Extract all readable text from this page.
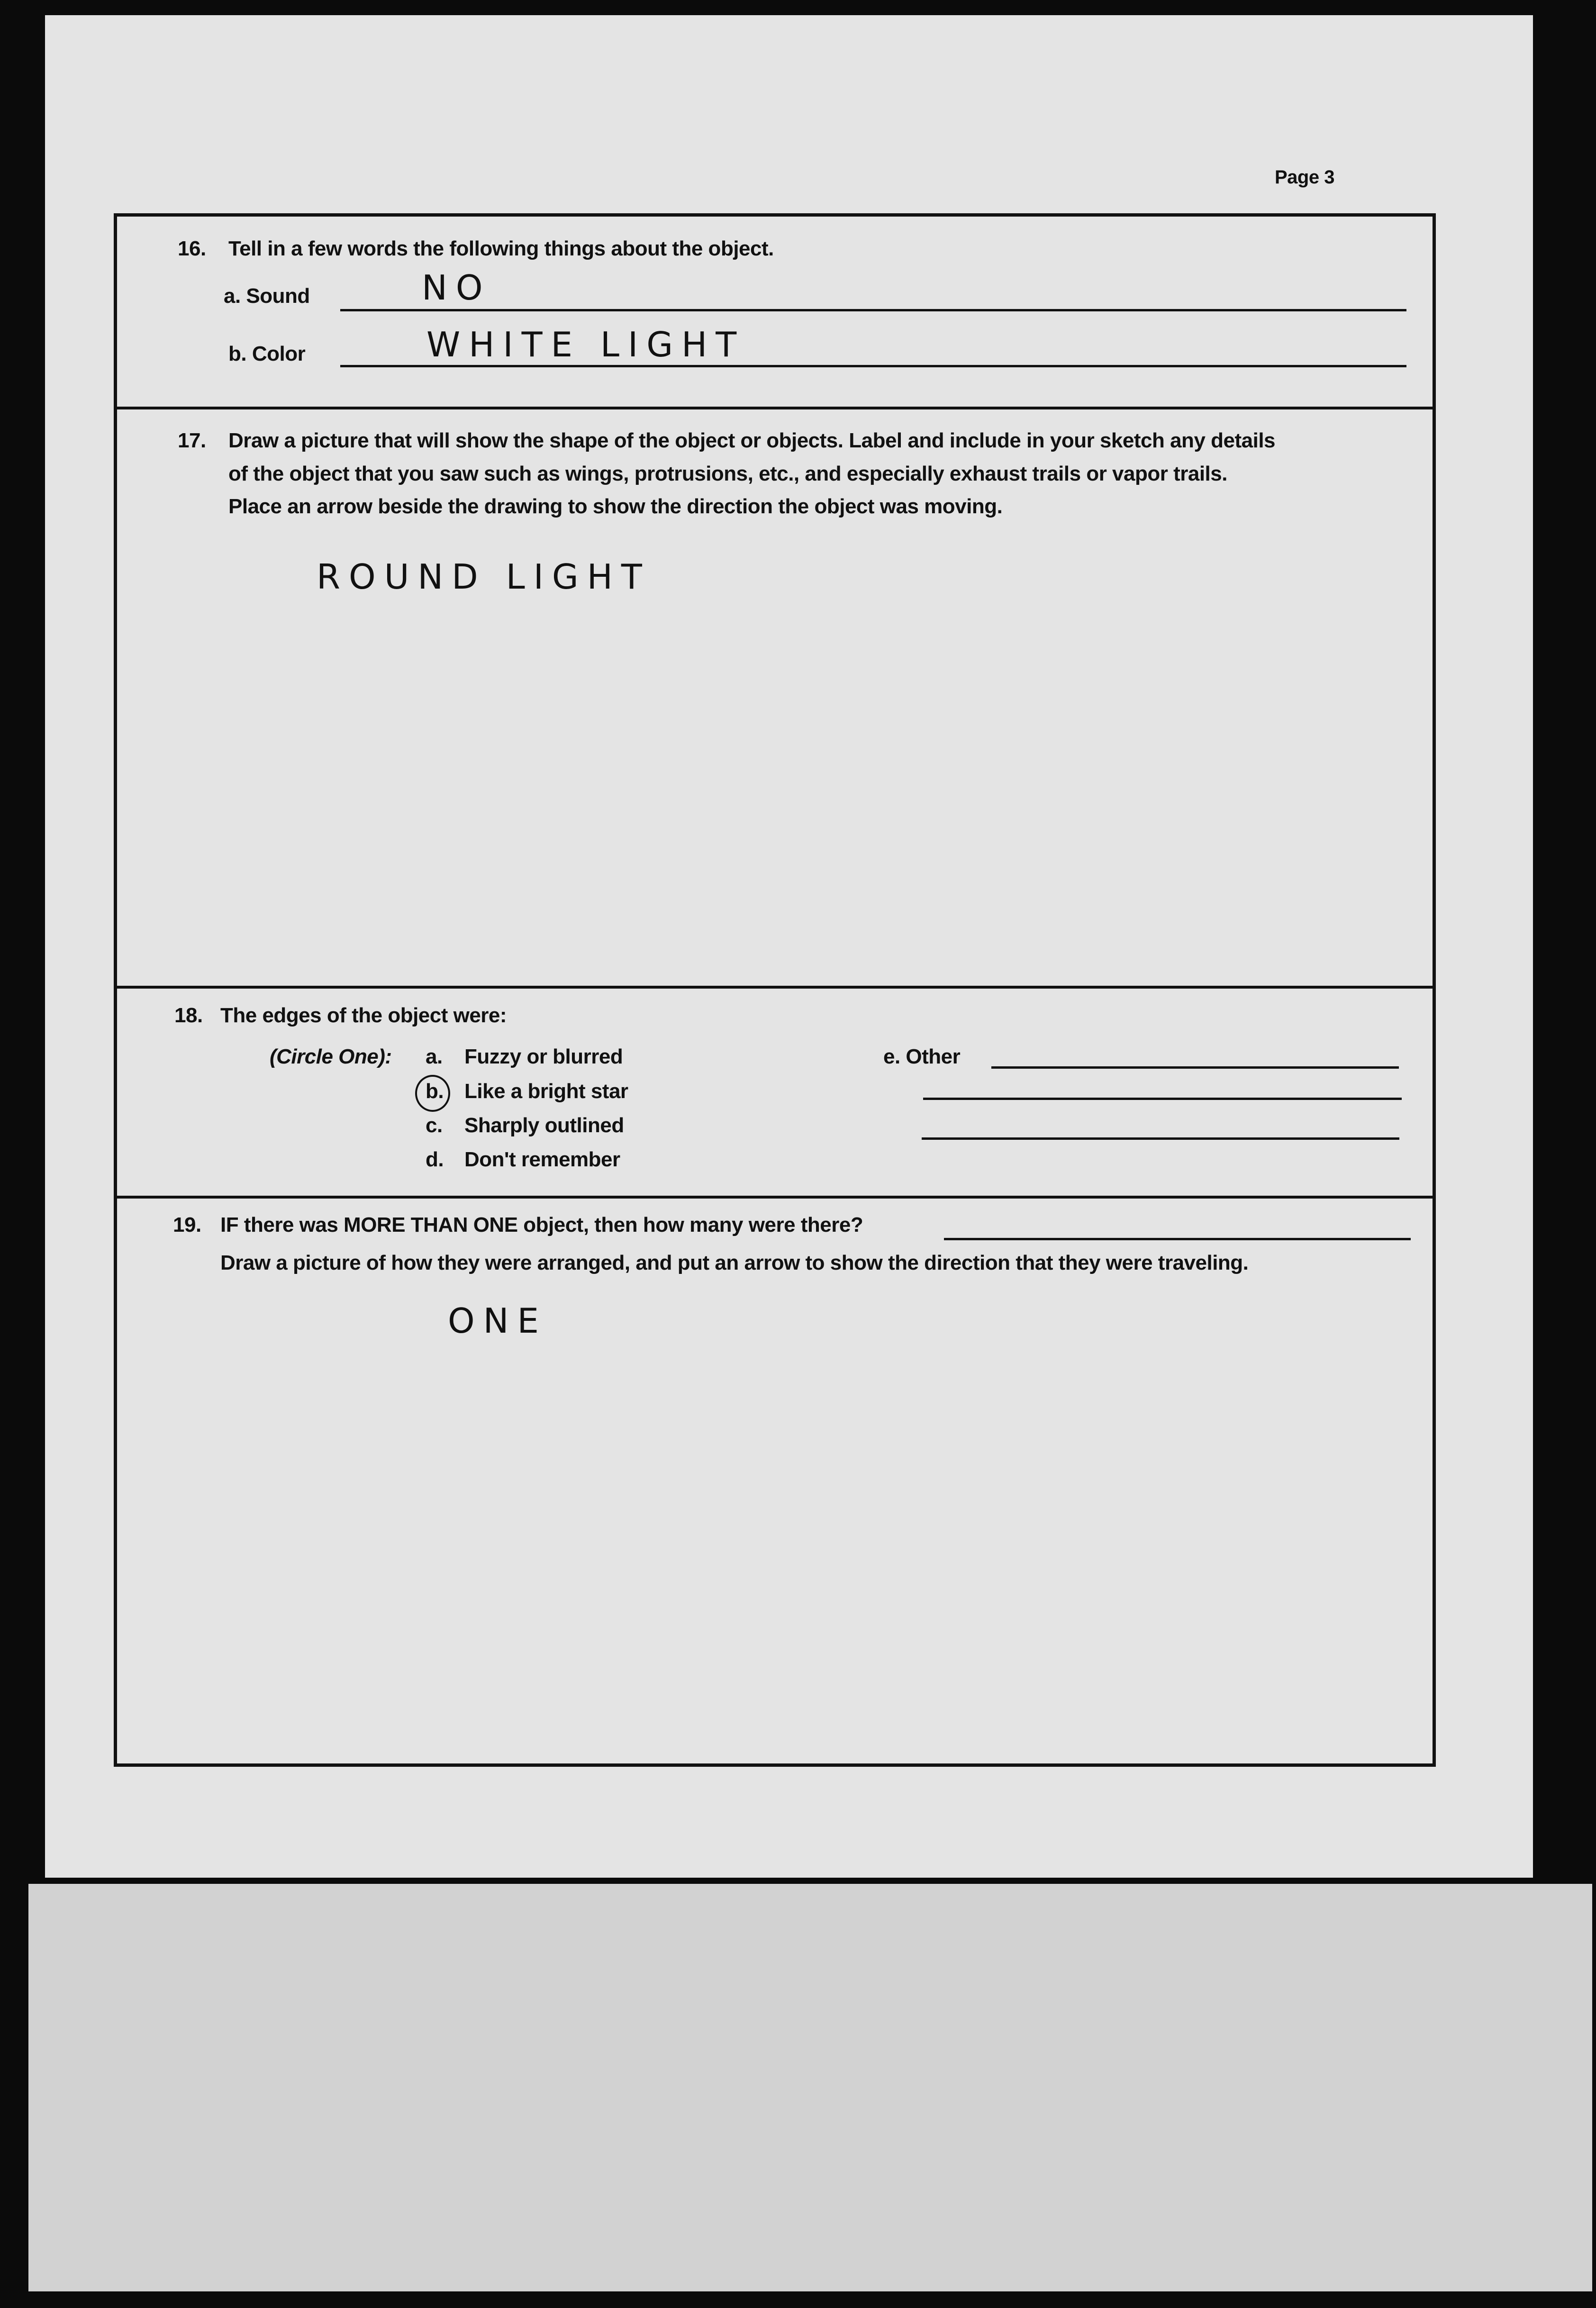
Page 3
16. Tell in a few words the following things about the object.
a. Sound	NO
b. Color	WHITE LIGHT
17. Draw a picture that will show the shape of the object or objects. Label and include in your sketch any details
of the object that you saw such as wings, protrusions, etc., and especially exhaust trails or vapor trails.
Place an arrow beside the drawing to show the direction the object was moving.
ROUND LIGHT
18. The edges of the object were:
(Circle One): a. Fuzzy or blurred
b. Like a bright star
c. Sharply outlined
d. Don't remember
e. Other
19. IF there was MORE THAN ONE object, then how many were there?
Draw a picture of how they were arranged, and put an arrow to show the direction that they were traveling.
ONE
